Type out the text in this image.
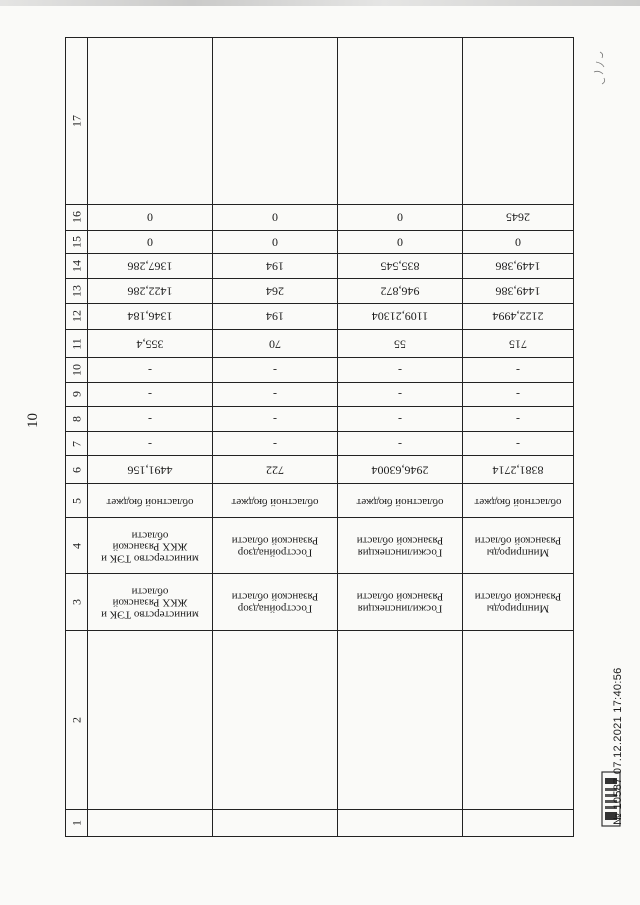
10
17				

16	0	0	0	2645

15	0	0	0	0

14	1367,286	194	835,545	1449,386

13	1422,286	264	946,872	1449,386

12	1346,184	194	1109,21304	2122,4994

11	355,4	70	55	715

10	-	-	-	-

9	-	-	-	-

8	-	-	-	-

7	-	-	-	-

6	4491,156	722	2946,63004	8381,2714

5	областной бюджет	областной бюджет	областной бюджет	областной бюджет

4	министерство ТЭК и ЖКХ Рязанской области	Госстройнадзор Рязанской области	Госжилинспекция Рязанской области	Минприроды Рязанской области

3	министерство ТЭК и ЖКХ Рязанской области	Госстройнадзор Рязанской области	Госжилинспекция Рязанской области	Минприроды Рязанской области

2				

1				
					№ 10587 07.12.2021 17:40:56
